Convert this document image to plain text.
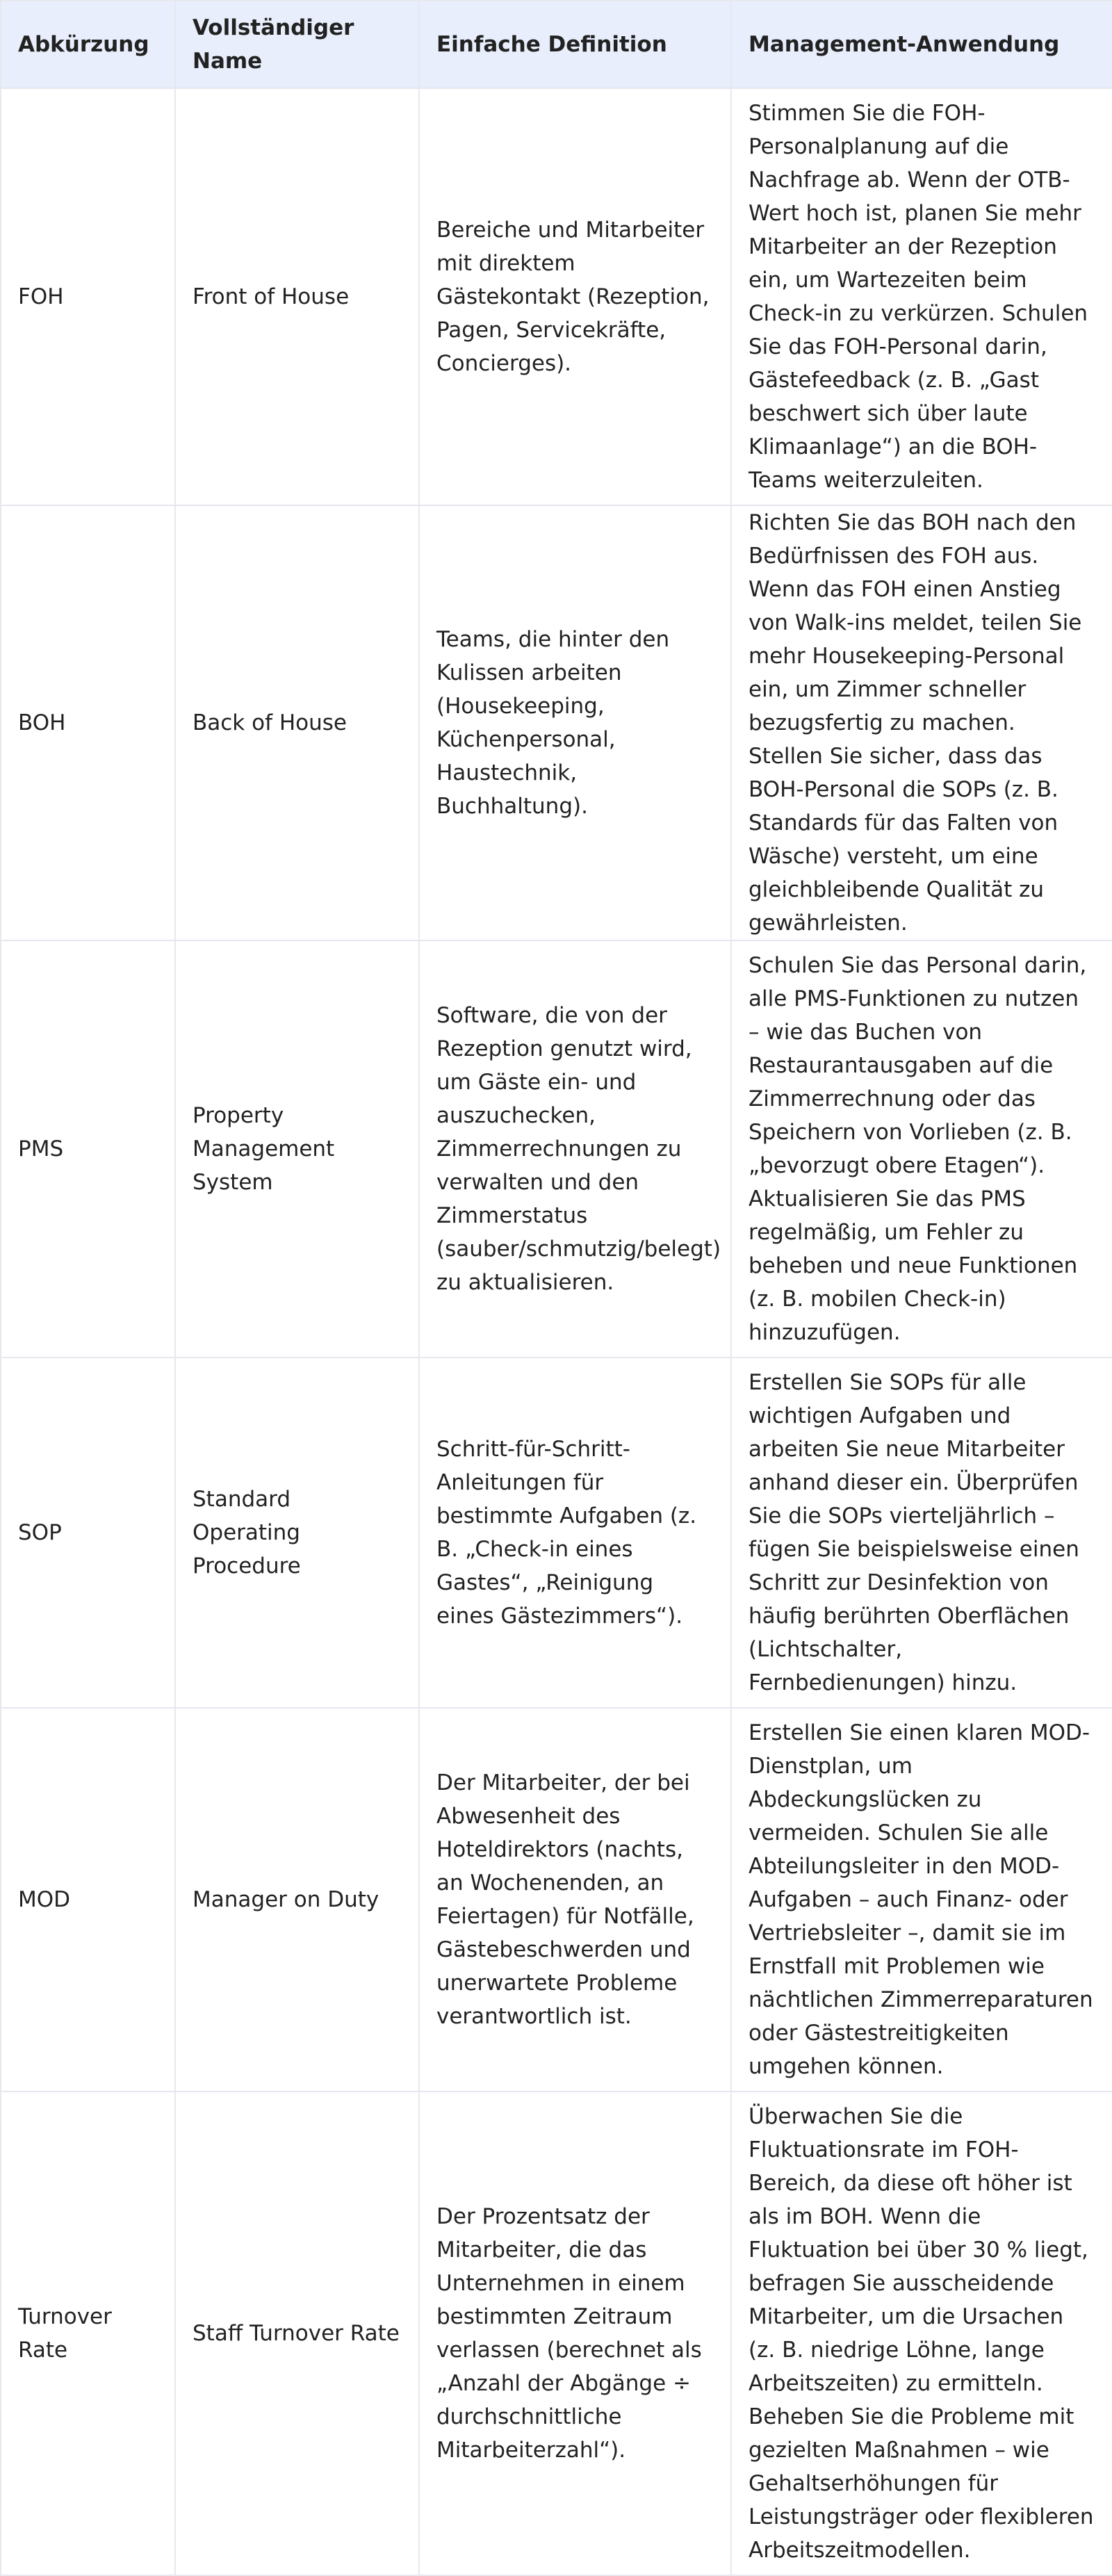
Abkürzung	Vollständiger Name	Einfache Definition	Management-Anwendung
FOH	Front of House	Bereiche und Mitarbeiter mit direktem Gästekontakt (Rezeption, Pagen, Servicekräfte, Concierges).	Stimmen Sie die FOH-Personalplanung auf die Nachfrage ab. Wenn der OTB-Wert hoch ist, planen Sie mehr Mitarbeiter an der Rezeption ein, um Wartezeiten beim Check-in zu verkürzen. Schulen Sie das FOH-Personal darin, Gästefeedback (z. B. „Gast beschwert sich über laute Klimaanlage“) an die BOH-Teams weiterzuleiten.
BOH	Back of House	Teams, die hinter den Kulissen arbeiten (Housekeeping, Küchenpersonal, Haustechnik, Buchhaltung).	Richten Sie das BOH nach den Bedürfnissen des FOH aus. Wenn das FOH einen Anstieg von Walk-ins meldet, teilen Sie mehr Housekeeping-Personal ein, um Zimmer schneller bezugsfertig zu machen. Stellen Sie sicher, dass das BOH-Personal die SOPs (z. B. Standards für das Falten von Wäsche) versteht, um eine gleichbleibende Qualität zu gewährleisten.
PMS	Property Management System	Software, die von der Rezeption genutzt wird, um Gäste ein- und auszuchecken, Zimmerrechnungen zu verwalten und den Zimmerstatus (sauber/schmutzig/belegt) zu aktualisieren.	Schulen Sie das Personal darin, alle PMS-Funktionen zu nutzen – wie das Buchen von Restaurantausgaben auf die Zimmerrechnung oder das Speichern von Vorlieben (z. B. „bevorzugt obere Etagen“). Aktualisieren Sie das PMS regelmäßig, um Fehler zu beheben und neue Funktionen (z. B. mobilen Check-in) hinzuzufügen.
SOP	Standard Operating Procedure	Schritt-für-Schritt-Anleitungen für bestimmte Aufgaben (z. B. „Check-in eines Gastes“, „Reinigung eines Gästezimmers“).	Erstellen Sie SOPs für alle wichtigen Aufgaben und arbeiten Sie neue Mitarbeiter anhand dieser ein. Überprüfen Sie die SOPs vierteljährlich – fügen Sie beispielsweise einen Schritt zur Desinfektion von häufig berührten Oberflächen (Lichtschalter, Fernbedienungen) hinzu.
MOD	Manager on Duty	Der Mitarbeiter, der bei Abwesenheit des Hoteldirektors (nachts, an Wochenenden, an Feiertagen) für Notfälle, Gästebeschwerden und unerwartete Probleme verantwortlich ist.	Erstellen Sie einen klaren MOD-Dienstplan, um Abdeckungslücken zu vermeiden. Schulen Sie alle Abteilungsleiter in den MOD-Aufgaben – auch Finanz- oder Vertriebsleiter –, damit sie im Ernstfall mit Problemen wie nächtlichen Zimmerreparaturen oder Gästestreitigkeiten umgehen können.
Turnover Rate	Staff Turnover Rate	Der Prozentsatz der Mitarbeiter, die das Unternehmen in einem bestimmten Zeitraum verlassen (berechnet als „Anzahl der Abgänge ÷ durchschnittliche Mitarbeiterzahl“).	Überwachen Sie die Fluktuationsrate im FOH-Bereich, da diese oft höher ist als im BOH. Wenn die Fluktuation bei über 30 % liegt, befragen Sie ausscheidende Mitarbeiter, um die Ursachen (z. B. niedrige Löhne, lange Arbeitszeiten) zu ermitteln. Beheben Sie die Probleme mit gezielten Maßnahmen – wie Gehaltserhöhungen für Leistungsträger oder flexibleren Arbeitszeitmodellen.
